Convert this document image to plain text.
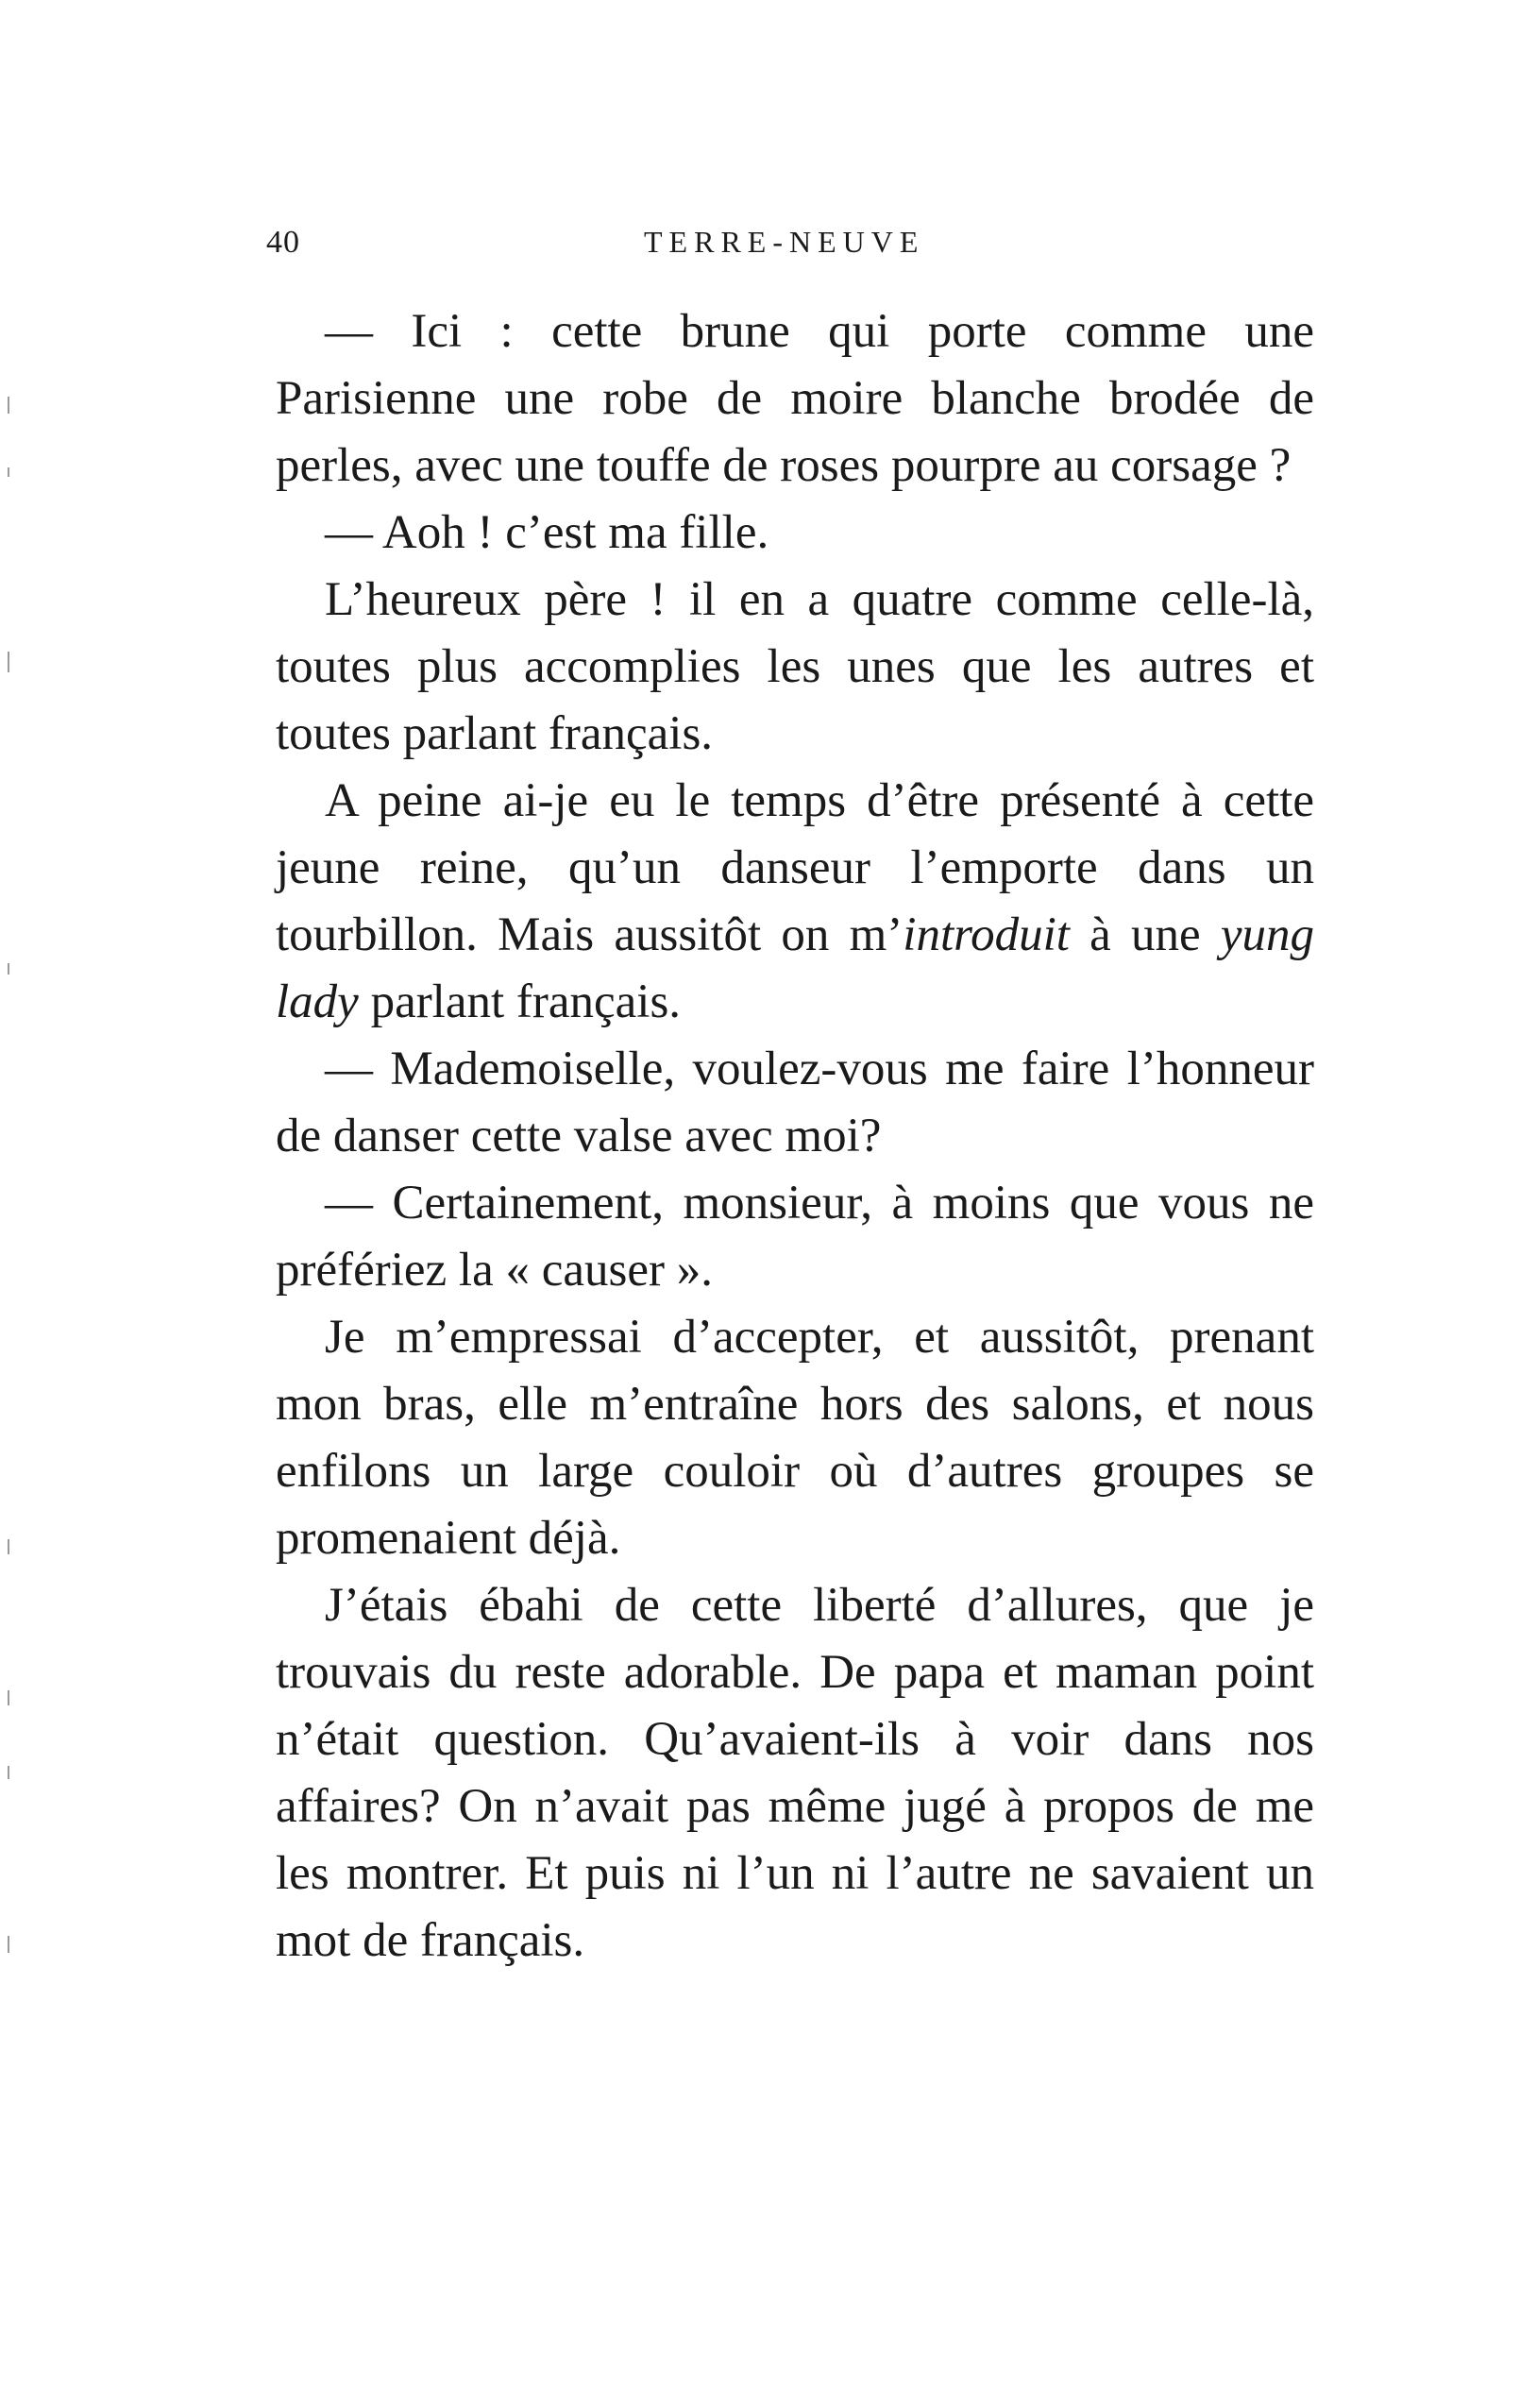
40	TERRE-NEUVE

— Ici : cette brune qui porte comme une Parisienne une robe de moire blanche brodée de perles, avec une touffe de roses pourpre au corsage ?

— Aoh ! c’est ma fille.

L’heureux père ! il en a quatre comme celle-là, toutes plus accomplies les unes que les autres et toutes parlant français.

A peine ai-je eu le temps d’être présenté à cette jeune reine, qu’un danseur l’emporte dans un tourbillon. Mais aussitôt on m’introduit à une yung lady parlant français.

— Mademoiselle, voulez-vous me faire l’honneur de danser cette valse avec moi?

— Certainement, monsieur, à moins que vous ne préfériez la « causer ».

Je m’empressai d’accepter, et aussitôt, prenant mon bras, elle m’entraîne hors des salons, et nous enfilons un large couloir où d’autres groupes se promenaient déjà.

J’étais ébahi de cette liberté d’allures, que je trouvais du reste adorable. De papa et maman point n’était question. Qu’avaient-ils à voir dans nos affaires? On n’avait pas même jugé à propos de me les montrer. Et puis ni l’un ni l’autre ne savaient un mot de français.
